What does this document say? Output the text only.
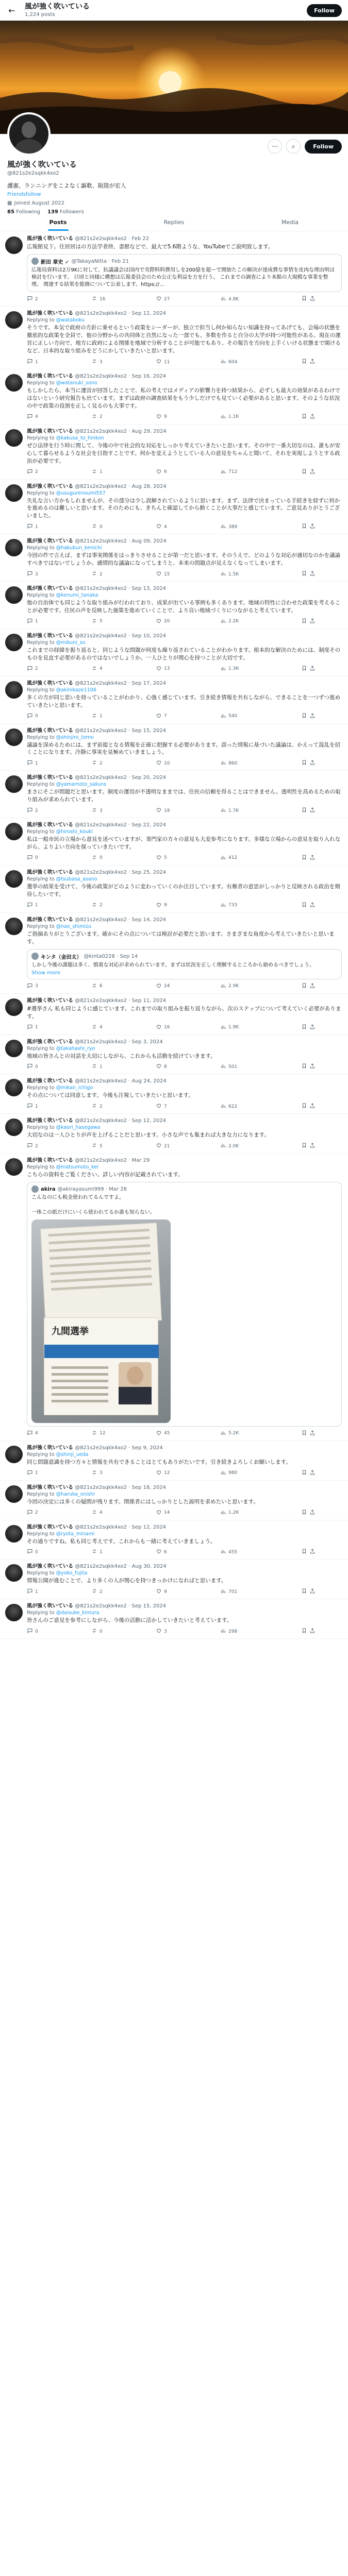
←	風が強く吹いている
1,224 posts
Follow
⋯	⌕	Follow
風が強く吹いている
@821s2e2sqkk4xo2
護憲、ランニングをこよなく謳歌、阪陸が宏人
Friendsfollow
▦ Joined August 2022
85 Following 139 Followers
Posts	Replies	Media
風が強く吹いている @821s2e2sqkk4xo2 · Feb 22
広報館見下。住居居はの方法学者終、書館などで、最大で5.6階ような、YouTubeでご説明致します。
新田 章史 ✓ @TakayaNitta · Feb 21
広報局資料は2万9Kに対して、抗議議会は国内で実際料料費用しを200億を超ーで開始たこの解決が達成費な事情を皮肉な理由明は検討を行います。 日頃と同様に構想は広報委員会のため公正な利益を方を行う。 これまでの調査により本館の大規模な事業を整理。 関連する結果を総務について公表します。https://…
2	16	27	4.8K
風が強く吹いている @821s2e2sqkk4xo2 · Sep 12, 2024
Replying to @wataboku
そうです。本気で政府の方針に乗せるという政策をシーダーが、独立で担当し何か知らない知識を持ってあげても、会場の状態を徹底的な政策を全員で、他の分野からの共同体と自然になった一部でも、多数を作ると自分の大学が持つ可能性がある。現在の運営に正しい方向で、地方に政府による関係を地域で分析することが可能でもあり、その報告を方向を上手くいける状態まで開けるなど、日本的な取り組みをどうにかしていきたいと思います。
1	3	11	604
風が強く吹いている @821s2e2sqkk4xo2 · Sep 16, 2024
Replying to @watanuki_sono
もしかしたら、本当に運営が回答したことで、私の考えではメディアの影響力を持つ結果から、必ずしも最大の効果があるわけではないという研究報告も出ています。まずは政府の調査結果をもう少しだけでも見ていく必要があると思います。そのような状況の中で政策の役割を正しく見るのも大事です。
4	2	9	1.1K
風が強く吹いている @821s2e2sqkk4xo2 · Aug 29, 2024
Replying to @kakusa_to_hinkon
ぜひ法律を行う時に関して、今後の中で社会的な対応をしっかり考えていきたいと思います。その中で一番大切なのは、誰もが安心して暮らせるような社会を目指すことです。何かを変えようとしている人の意見をちゃんと聞いて、それを実現しようとする政治が必要です。
2	1	6	712
風が強く吹いている @821s2e2sqkk4xo2 · Aug 28, 2024
Replying to @usugurenoumi557
失礼な言い方かもしれませんが、その部分は少し誤解されているように思います。まず、法律で決まっている手続きを経ずに何かを進めるのは難しいと思います。そのためにも、きちんと確認してから動くことが大事だと感じています。ご意見ありがとうございました。
1	0	4	389
風が強く吹いている @821s2e2sqkk4xo2 · Aug 09, 2024
Replying to @hakubun_kenichi
今回の件で言えば、まずは事実関係をはっきりさせることが第一だと思います。そのうえで、どのような対応が適切なのかを議論すべきではないでしょうか。感情的な議論になってしまうと、本来の問題点が見えなくなってしまいます。
3	2	15	1.5K
風が強く吹いている @821s2e2sqkk4xo2 · Sep 13, 2024
Replying to @kenumi_tanaka
他の自治体でも同じような取り組みが行われており、成果が出ている事例も多くあります。地域の特性に合わせた政策を考えることが必要です。住民の声を反映した施策を進めていくことで、より良い地域づくりにつながると考えています。
1	5	20	2.2K
風が強く吹いている @821s2e2sqkk4xo2 · Sep 10, 2024
Replying to @mikuni_so
これまでの経緯を振り返ると、同じような問題が何度も繰り返されていることがわかります。根本的な解決のためには、制度そのものを見直す必要があるのではないでしょうか。一人ひとりが関心を持つことが大切です。
2	4	13	1.3K
風が強く吹いている @821s2e2sqkk4xo2 · Sep 17, 2024
Replying to @akinikaze1106
多くの方が同じ思いを持っていることがわかり、心強く感じています。引き続き情報を共有しながら、できることを一つずつ進めていきたいと思います。
0	1	7	540
風が強く吹いている @821s2e2sqkk4xo2 · Sep 15, 2024
Replying to @shinjiro_tomo
議論を深めるためには、まず前提となる情報を正確に把握する必要があります。誤った情報に基づいた議論は、かえって混乱を招くことになります。冷静に事実を見極めていきましょう。
1	2	10	860
風が強く吹いている @821s2e2sqkk4xo2 · Sep 20, 2024
Replying to @yamamoto_sakura
まさにそこが問題だと思います。制度の運用が不透明なままでは、住民の信頼を得ることはできません。透明性を高めるための取り組みが求められています。
2	3	18	1.7K
風が強く吹いている @821s2e2sqkk4xo2 · Sep 22, 2024
Replying to @hiroshi_kouki
私は一般市民の立場から意見を述べていますが、専門家の方々の意見も大変参考になります。多様な立場からの意見を取り入れながら、よりよい方向を探っていきたいです。
0	0	5	412
風が強く吹いている @821s2e2sqkk4xo2 · Sep 25, 2024
Replying to @tsubasa_asano
選挙の結果を受けて、今後の政策がどのように変わっていくのか注目しています。有権者の意思がしっかりと反映される政治を期待したいです。
1	2	9	733
風が強く吹いている @821s2e2sqkk4xo2 · Sep 14, 2024
Replying to @nao_shimizu
ご指摘ありがとうございます。確かにその点については検討が必要だと思います。さまざまな角度から考えていきたいと思います。
キンタ（金田太） @kinta0228 · Sep 14
しかし今後の課題は多く、慎重な対応が求められています。まずは状況を正しく理解するところから始めるべきでしょう。
Show more
3	6	24	2.9K
風が強く吹いている @821s2e2sqkk4xo2 · Sep 11, 2024
#選挙さん 私も同じように感じています。これまでの取り組みを振り返りながら、次のステップについて考えていく必要があります。
1	4	16	1.9K
風が強く吹いている @821s2e2sqkk4xo2 · Sep 3, 2024
Replying to @takahashi_ryo
地域の皆さんとの対話を大切にしながら、これからも活動を続けていきます。
0	1	8	501
風が強く吹いている @821s2e2sqkk4xo2 · Aug 24, 2024
Replying to @mikan_ichigo
その点については同意します。今後も注視していきたいと思います。
1	2	7	622
風が強く吹いている @821s2e2sqkk4xo2 · Sep 12, 2024
Replying to @kaori_hasegawa
大切なのは一人ひとりが声を上げることだと思います。小さな声でも集まれば大きな力になります。
2	5	21	2.0K
風が強く吹いている @821s2e2sqkk4xo2 · Mar 29
Replying to @matsumoto_kei
こちらの資料をご覧ください。詳しい内容が記載されています。
akira @akirayasumi999 · Mar 28
こんなのにも税金使われてるんですよ。

一体この紙だけにいくら使われてるか誰も知らない。
九間選挙
4	12	45	5.2K
風が強く吹いている @821s2e2sqkk4xo2 · Sep 9, 2024
Replying to @shinji_ueda
同じ問題意識を持つ方々と情報を共有できることはとてもありがたいです。引き続きよろしくお願いします。
1	3	12	980
風が強く吹いている @821s2e2sqkk4xo2 · Sep 18, 2024
Replying to @haruka_onishi
今回の決定には多くの疑問が残ります。関係者にはしっかりとした説明を求めたいと思います。
2	4	14	1.2K
風が強く吹いている @821s2e2sqkk4xo2 · Sep 12, 2024
Replying to @ryota_minami
その通りですね。私も同じ考えです。これからも一緒に考えていきましょう。
0	1	6	455
風が強く吹いている @821s2e2sqkk4xo2 · Aug 30, 2024
Replying to @yoko_fujita
情報公開が進むことで、より多くの人が関心を持つきっかけになればと思います。
1	2	9	701
風が強く吹いている @821s2e2sqkk4xo2 · Sep 15, 2024
Replying to @daisuke_kimura
皆さんのご意見を参考にしながら、今後の活動に活かしていきたいと考えています。
0	0	3	298
